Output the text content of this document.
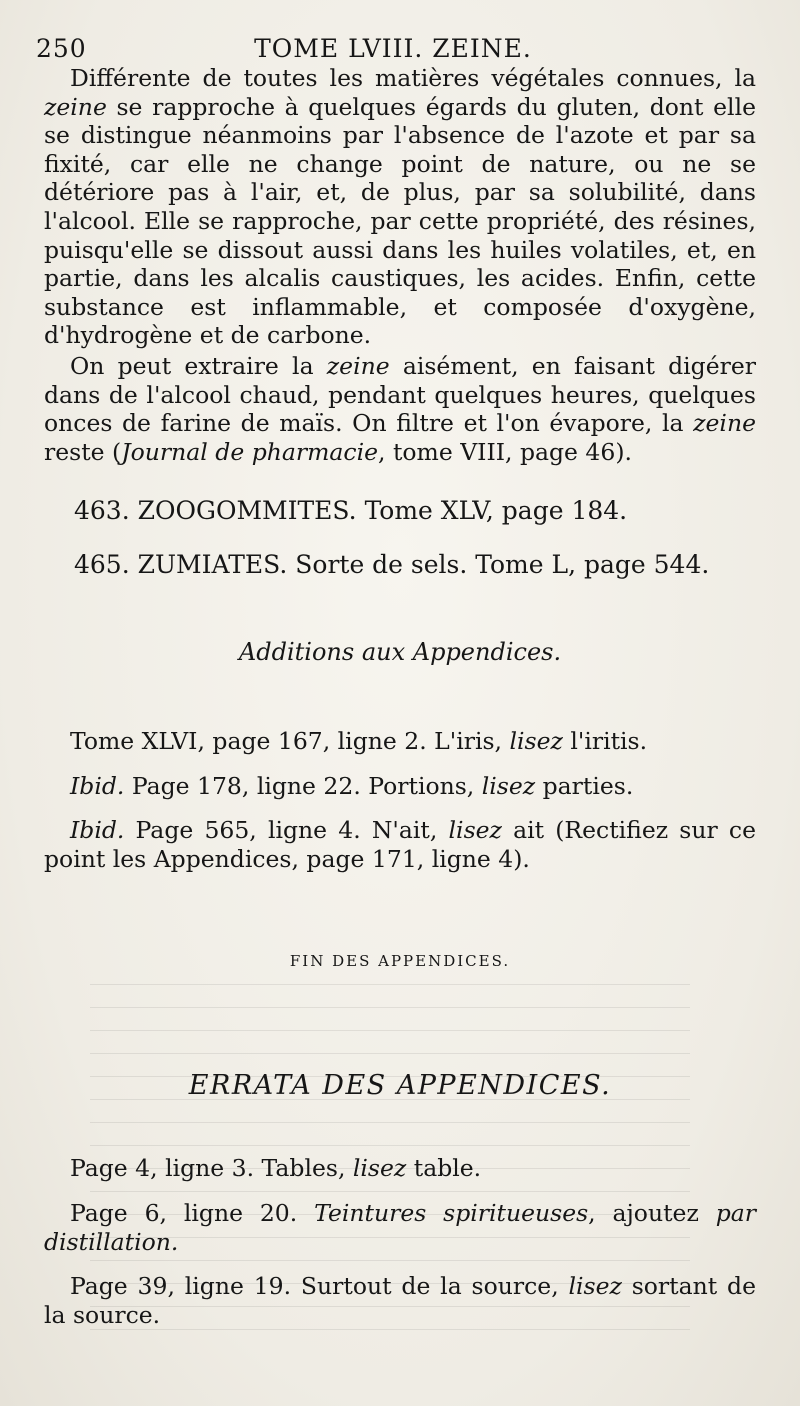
250	TOME LVIII. ZEINE.

Différente de toutes les matières végétales connues, la zeine se rapproche à quelques égards du gluten, dont elle se distingue néanmoins par l'absence de l'azote et par sa fixité, car elle ne change point de nature, ou ne se détériore pas à l'air, et, de plus, par sa solubilité, dans l'alcool. Elle se rapproche, par cette propriété, des résines, puisqu'elle se dissout aussi dans les huiles volatiles, et, en partie, dans les alcalis caustiques, les acides. Enfin, cette substance est inflammable, et composée d'oxygène, d'hydrogène et de carbone.

On peut extraire la zeine aisément, en faisant digérer dans de l'alcool chaud, pendant quelques heures, quelques onces de farine de maïs. On filtre et l'on évapore, la zeine reste (Journal de pharmacie, tome VIII, page 46).

463. ZOOGOMMITES. Tome XLV, page 184.

465. ZUMIATES. Sorte de sels. Tome L, page 544.

Additions aux Appendices.

Tome XLVI, page 167, ligne 2. L'iris, lisez l'iritis.

Ibid. Page 178, ligne 22. Portions, lisez parties.

Ibid. Page 565, ligne 4. N'ait, lisez ait (Rectifiez sur ce point les Appendices, page 171, ligne 4).

FIN DES APPENDICES.

ERRATA DES APPENDICES.

Page 4, ligne 3. Tables, lisez table.

Page 6, ligne 20. Teintures spiritueuses, ajoutez par distillation.

Page 39, ligne 19. Surtout de la source, lisez sortant de la source.
